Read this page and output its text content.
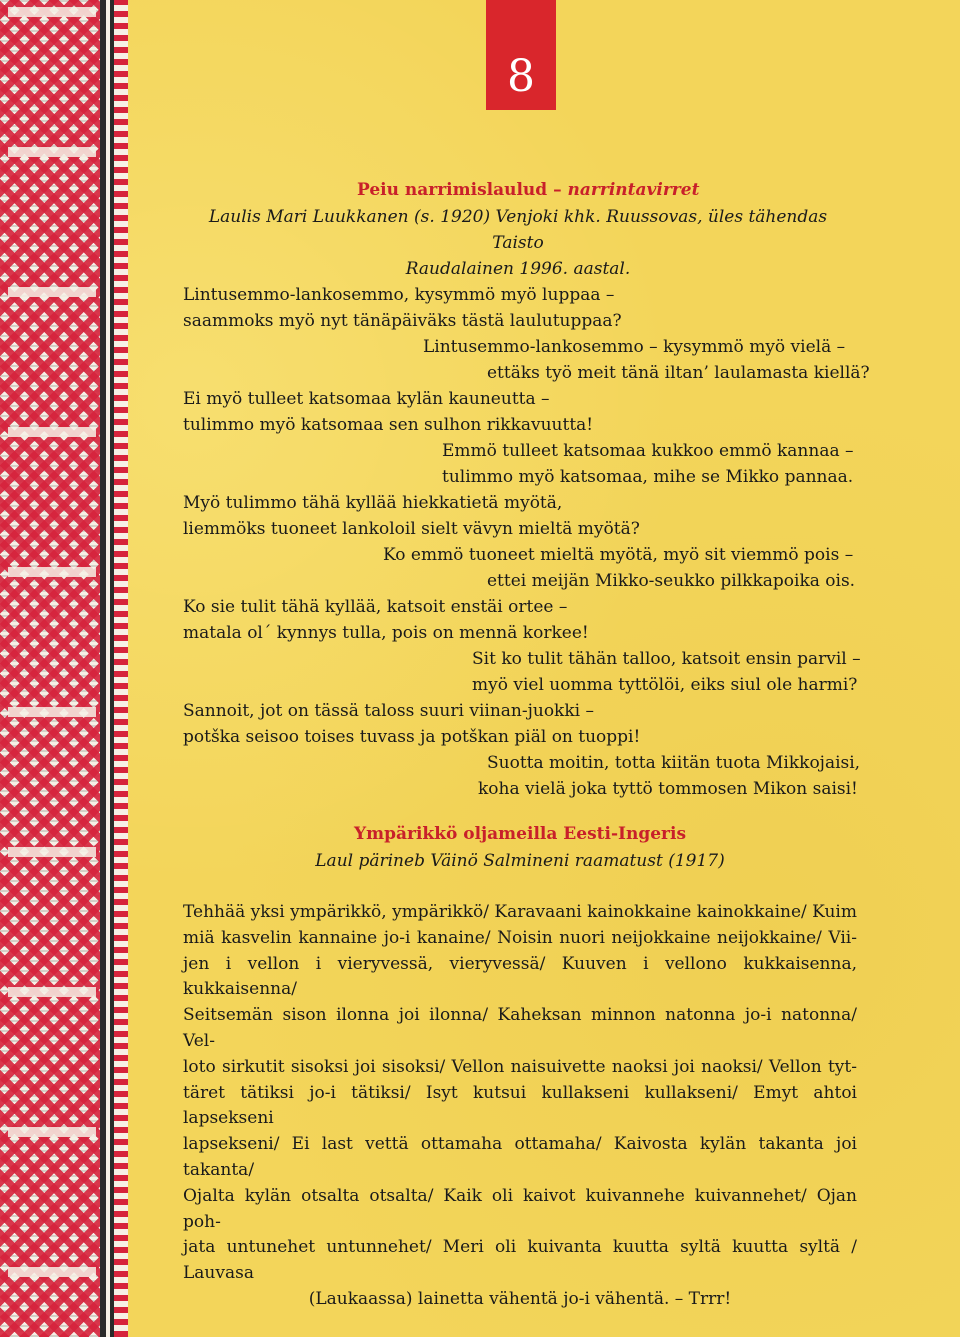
8
Peiu narrimislaulud – narrintavirret
Laulis Mari Luukkanen (s. 1920) Venjoki khk. Ruussovas, üles tähendas Taisto
Raudalainen 1996. aastal.
Lintusemmo-lankosemmo, kysymmö myö luppaa –
saammoks myö nyt tänäpäiväks tästä laulutuppaa?
Lintusemmo-lankosemmo – kysymmö myö vielä –
ettäks työ meit tänä iltan’ laulamasta kiellä?
Ei myö tulleet katsomaa kylän kauneutta –
tulimmo myö katsomaa sen sulhon rikkavuutta!
Emmö tulleet katsomaa kukkoo emmö kannaa –
tulimmo myö katsomaa, mihe se Mikko pannaa.
Myö tulimmo tähä kyllää hiekkatietä myötä,
liemmöks tuoneet lankoloil sielt vävyn mieltä myötä?
Ko emmö tuoneet mieltä myötä, myö sit viemmö pois –
ettei meijän Mikko-seukko pilkkapoika ois.
Ko sie tulit tähä kyllää, katsoit enstäi ortee –
matala ol´ kynnys tulla, pois on mennä korkee!
Sit ko tulit tähän talloo, katsoit ensin parvil –
myö viel uomma tyttölöi, eiks siul ole harmi?
Sannoit, jot on tässä taloss suuri viinan-juokki –
potška seisoo toises tuvass ja potškan piäl on tuoppi!
Suotta moitin, totta kiitän tuota Mikkojaisi,
koha vielä joka tyttö tommosen Mikon saisi!
Ympärikkö oljameilla Eesti-Ingeris
Laul pärineb Väinö Salmineni raamatust (1917)
Tehhää yksi ympärikkö, ympärikkö/ Karavaani kainokkaine kainokkaine/ Kuim
miä kasvelin kannaine jo-i kanaine/ Noisin nuori neijokkaine neijokkaine/ Vii-
jen i vellon i vieryvessä, vieryvessä/ Kuuven i vellono kukkaisenna, kukkaisenna/
Seitsemän sison ilonna joi ilonna/ Kaheksan minnon natonna jo-i natonna/ Vel-
loto sirkutit sisoksi joi sisoksi/ Vellon naisuivette naoksi joi naoksi/ Vellon tyt-
täret tätiksi jo-i tätiksi/ Isyt kutsui kullakseni kullakseni/ Emyt ahtoi lapsekseni
lapsekseni/ Ei last vettä ottamaha ottamaha/ Kaivosta kylän takanta joi takanta/
Ojalta kylän otsalta otsalta/ Kaik oli kaivot kuivannehe kuivannehet/ Ojan poh-
jata untunehet untunnehet/ Meri oli kuivanta kuutta syltä kuutta syltä / Lauvasa
(Laukaassa) lainetta vähentä jo-i vähentä. – Trrr!
